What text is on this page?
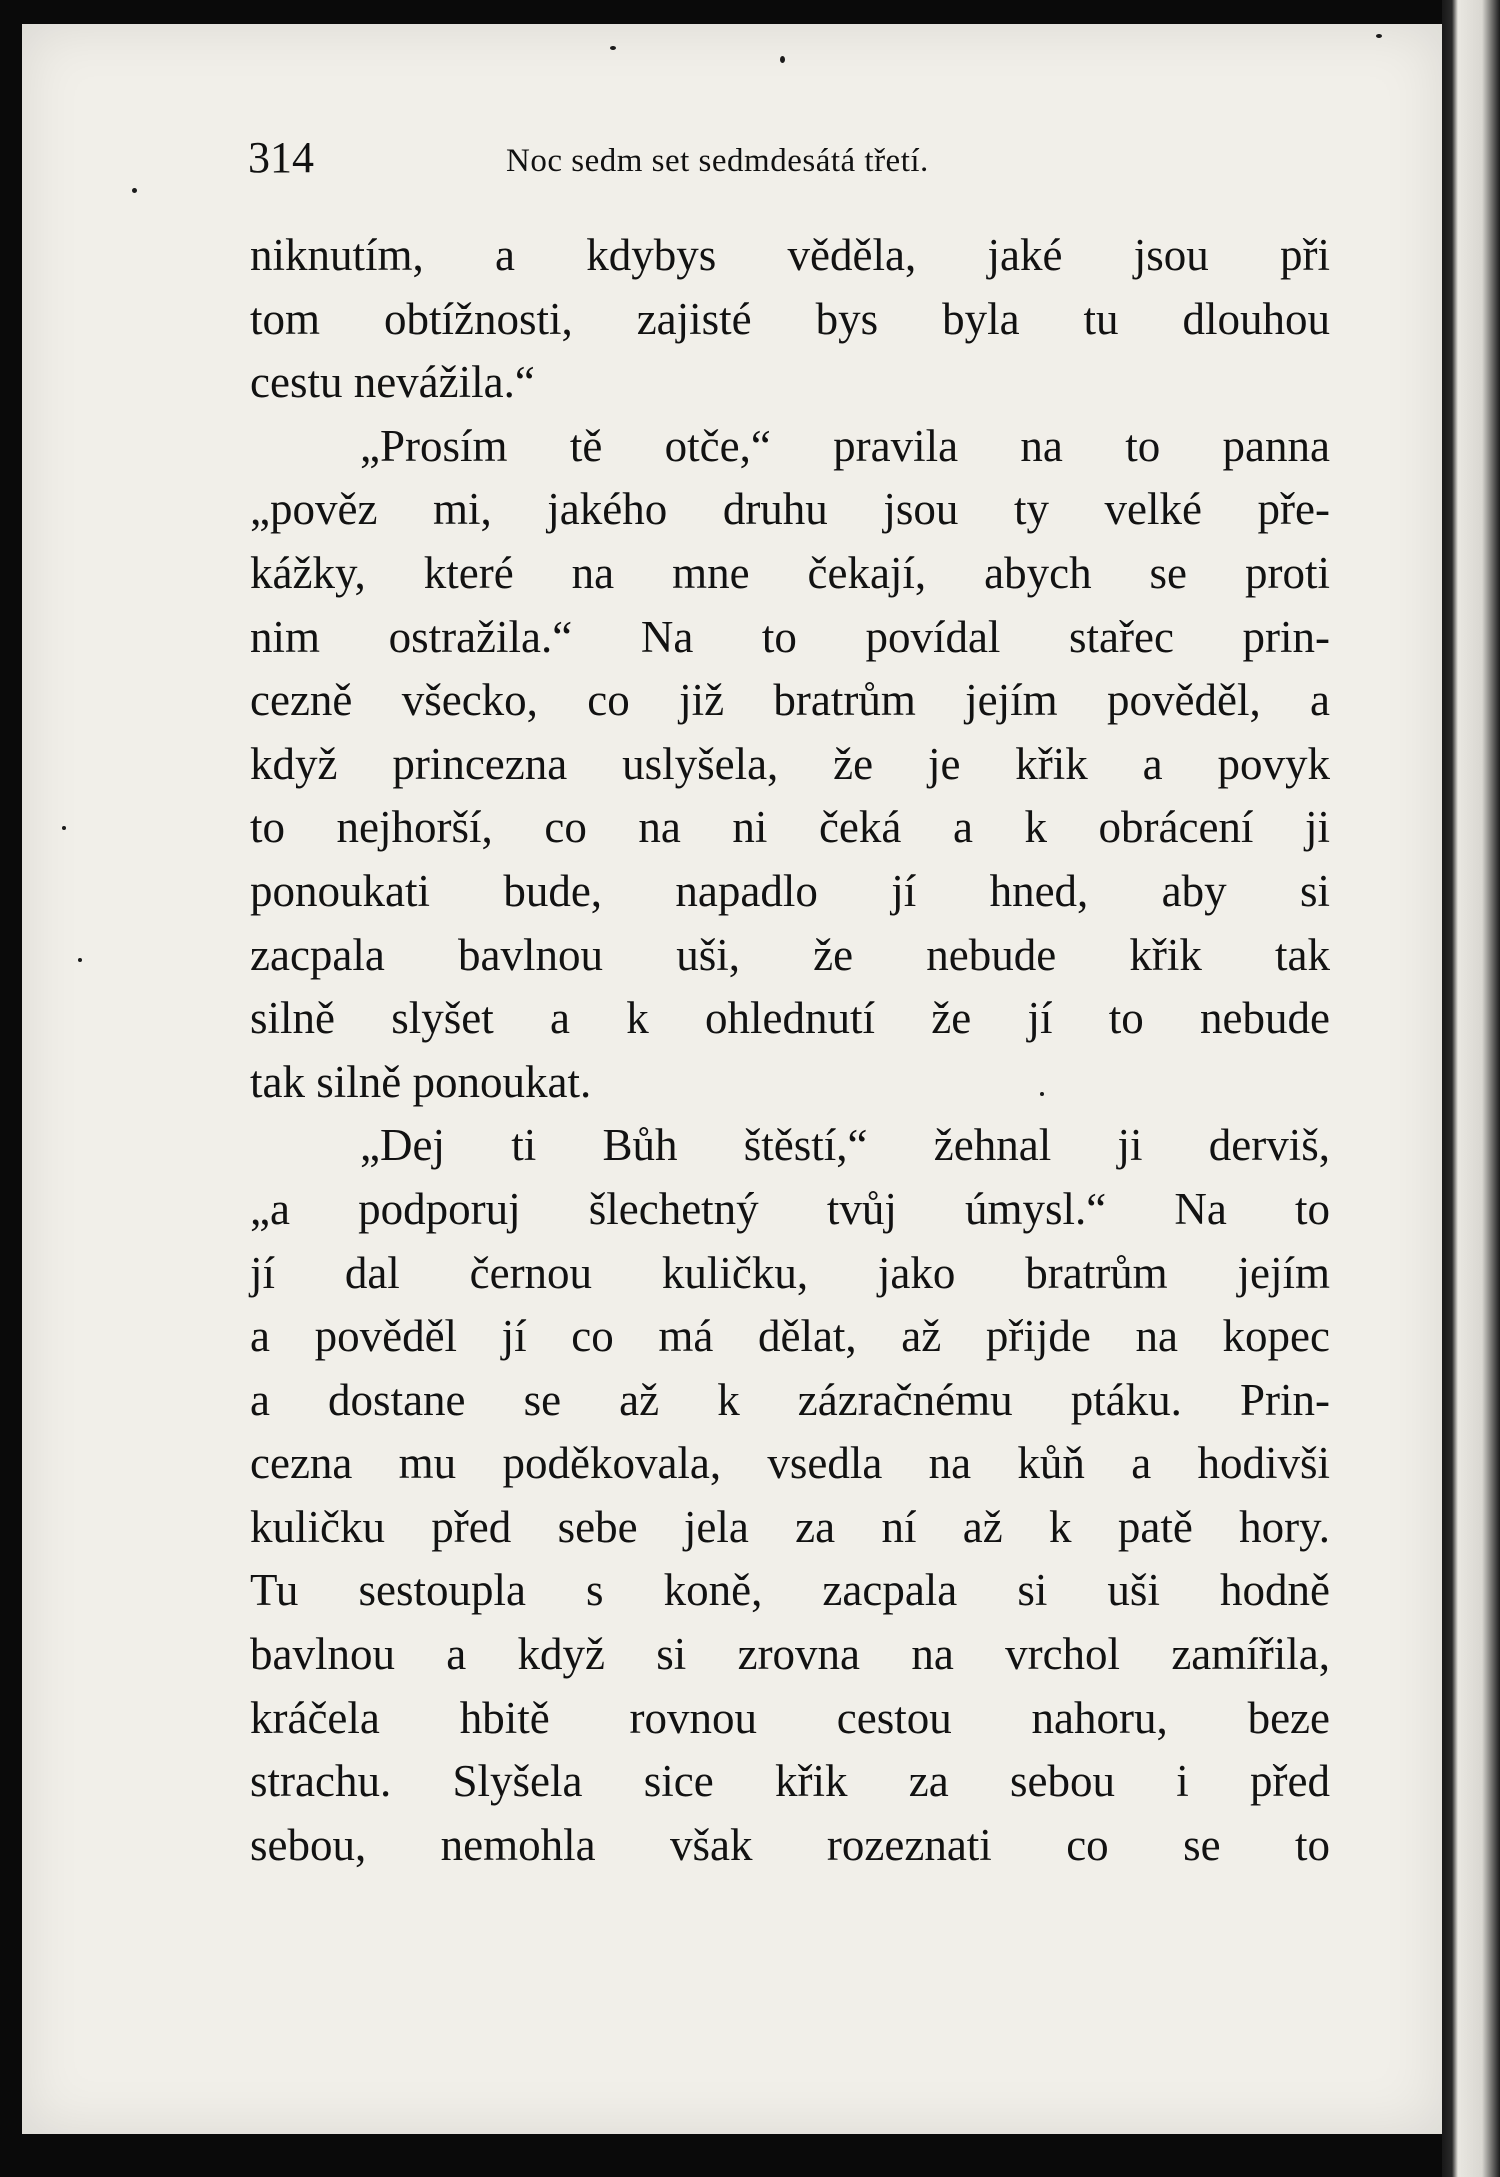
314	Noc sedm set sedmdesátá třetí.
niknutím, a kdybys věděla, jaké jsou při
tom obtížnosti, zajisté bys byla tu dlouhou
cestu nevážila.“
„Prosím tě otče,“ pravila na to panna
„pověz mi, jakého druhu jsou ty velké pře-
kážky, které na mne čekají, abych se proti
nim ostražila.“ Na to povídal stařec prin-
cezně všecko, co již bratrům jejím pověděl, a
když princezna uslyšela, že je křik a povyk
to nejhorší, co na ni čeká a k obrácení ji
ponoukati bude, napadlo jí hned, aby si
zacpala bavlnou uši, že nebude křik tak
silně slyšet a k ohlednutí že jí to nebude
tak silně ponoukat.
„Dej ti Bůh štěstí,“ žehnal ji derviš,
„a podporuj šlechetný tvůj úmysl.“ Na to
jí dal černou kuličku, jako bratrům jejím
a pověděl jí co má dělat, až přijde na kopec
a dostane se až k zázračnému ptáku. Prin-
cezna mu poděkovala, vsedla na kůň a hodivši
kuličku před sebe jela za ní až k patě hory.
Tu sestoupla s koně, zacpala si uši hodně
bavlnou a když si zrovna na vrchol zamířila,
kráčela hbitě rovnou cestou nahoru, beze
strachu. Slyšela sice křik za sebou i před
sebou, nemohla však rozeznati co se to
